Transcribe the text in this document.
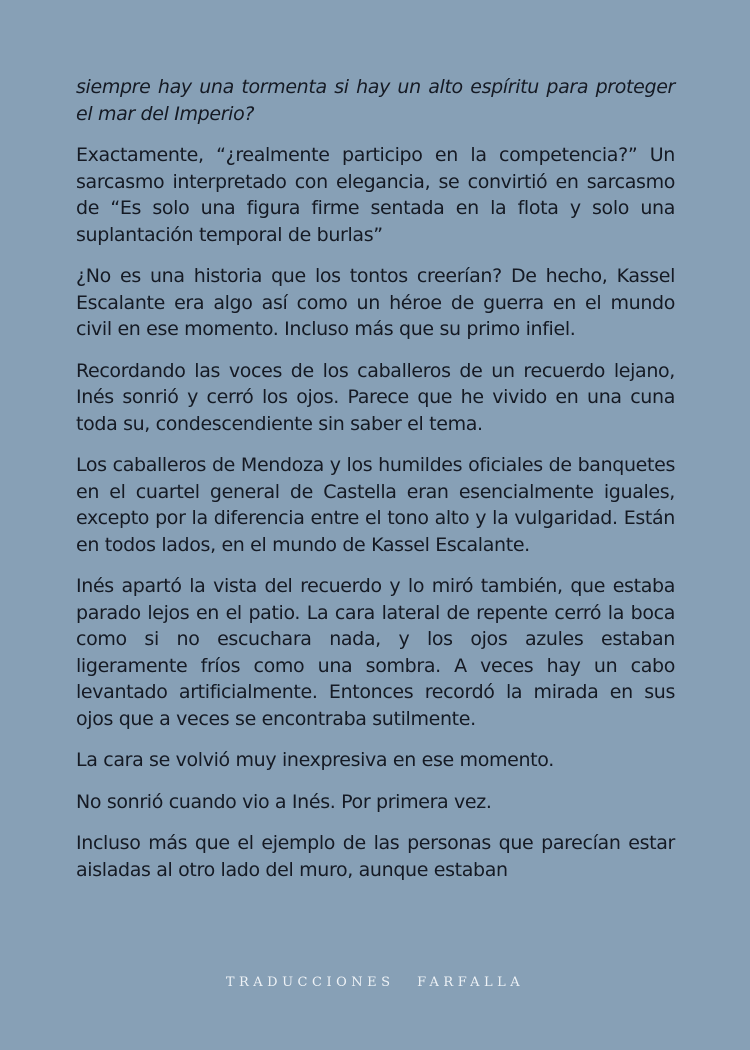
siempre hay una tormenta si hay un alto espíritu para proteger el mar del Imperio?

Exactamente, “¿realmente participo en la competencia?” Un sarcasmo interpretado con elegancia, se convirtió en sarcasmo de “Es solo una figura firme sentada en la flota y solo una suplantación temporal de burlas”

¿No es una historia que los tontos creerían? De hecho, Kassel Escalante era algo así como un héroe de guerra en el mundo civil en ese momento. Incluso más que su primo infiel.

Recordando las voces de los caballeros de un recuerdo lejano, Inés sonrió y cerró los ojos. Parece que he vivido en una cuna toda su, condescendiente sin saber el tema.

Los caballeros de Mendoza y los humildes oficiales de banquetes en el cuartel general de Castella eran esencialmente iguales, excepto por la diferencia entre el tono alto y la vulgaridad. Están en todos lados, en el mundo de Kassel Escalante.

Inés apartó la vista del recuerdo y lo miró también, que estaba parado lejos en el patio. La cara lateral de repente cerró la boca como si no escuchara nada, y los ojos azules estaban ligeramente fríos como una sombra. A veces hay un cabo levantado artificialmente. Entonces recordó la mirada en sus ojos que a veces se encontraba sutilmente.

La cara se volvió muy inexpresiva en ese momento.

No sonrió cuando vio a Inés. Por primera vez.

Incluso más que el ejemplo de las personas que parecían estar aisladas al otro lado del muro, aunque estaban

TRADUCCIONES FARFALLA
